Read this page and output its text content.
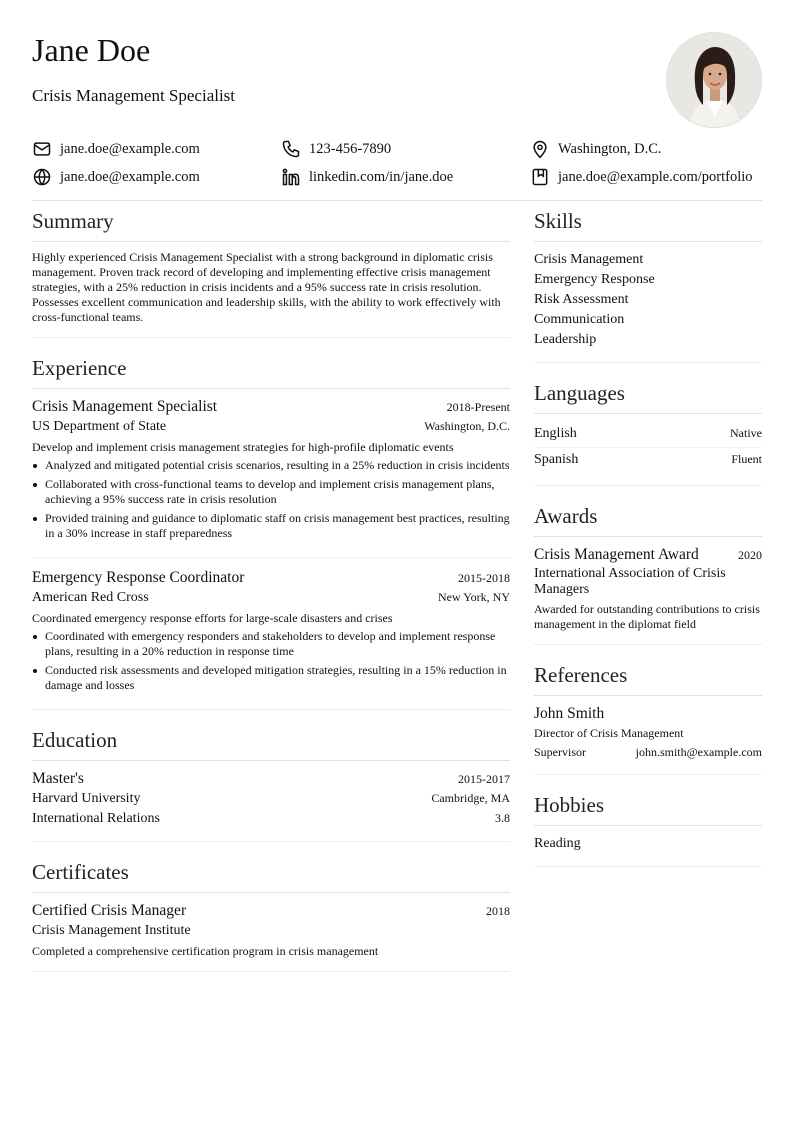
Jane Doe
Crisis Management Specialist
jane.doe@example.com	123-456-7890	Washington, D.C.
jane.doe@example.com	linkedin.com/in/jane.doe	jane.doe@example.com/portfolio
Summary
Highly experienced Crisis Management Specialist with a strong background in diplomatic crisis management. Proven track record of developing and implementing effective crisis management strategies, with a 25% reduction in crisis incidents and a 95% success rate in crisis resolution. Possesses excellent communication and leadership skills, with the ability to work effectively with cross-functional teams.
Experience
Crisis Management Specialist	2018-Present
US Department of State	Washington, D.C.
Develop and implement crisis management strategies for high-profile diplomatic events
Analyzed and mitigated potential crisis scenarios, resulting in a 25% reduction in crisis incidents
Collaborated with cross-functional teams to develop and implement crisis management plans, achieving a 95% success rate in crisis resolution
Provided training and guidance to diplomatic staff on crisis management best practices, resulting in a 30% increase in staff preparedness
Emergency Response Coordinator	2015-2018
American Red Cross	New York, NY
Coordinated emergency response efforts for large-scale disasters and crises
Coordinated with emergency responders and stakeholders to develop and implement response plans, resulting in a 20% reduction in response time
Conducted risk assessments and developed mitigation strategies, resulting in a 15% reduction in damage and losses
Education
Master's	2015-2017
Harvard University	Cambridge, MA
International Relations	3.8
Certificates
Certified Crisis Manager	2018
Crisis Management Institute
Completed a comprehensive certification program in crisis management
Skills
Crisis Management
Emergency Response
Risk Assessment
Communication
Leadership
Languages
English	Native
Spanish	Fluent
Awards
Crisis Management Award	2020
International Association of Crisis Managers
Awarded for outstanding contributions to crisis management in the diplomat field
References
John Smith
Director of Crisis Management
Supervisor	john.smith@example.com
Hobbies
Reading
